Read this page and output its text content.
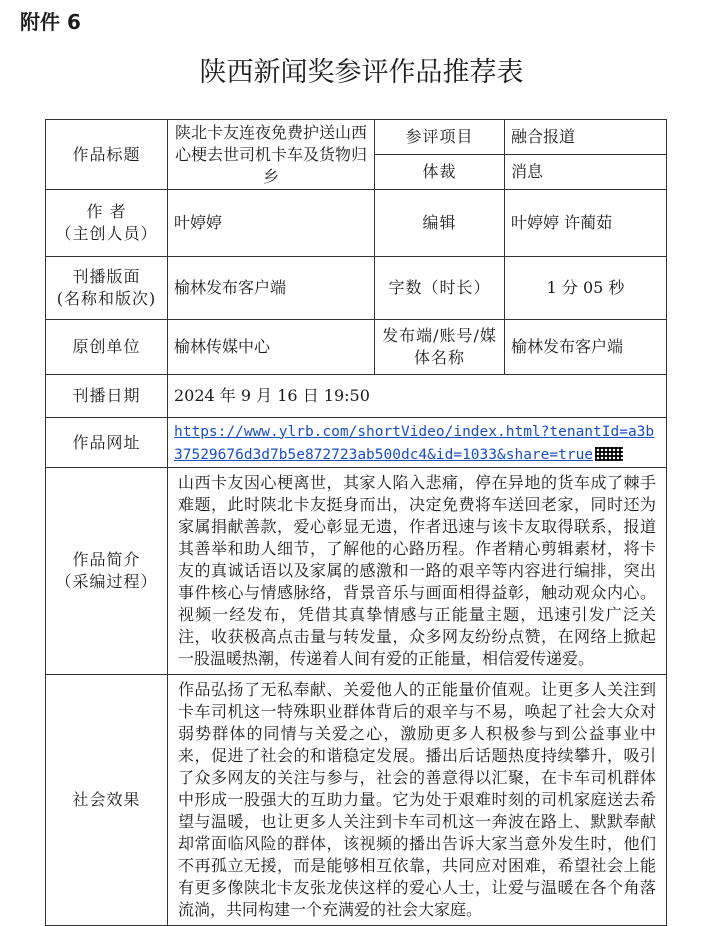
附件 6
陕西新闻奖参评作品推荐表
作品标题	陕北卡友连夜免费护送山西心梗去世司机卡车及货物归乡	参评项目	融合报道
		体裁	消息

作 者
（主创人员）	叶婷婷	编辑	叶婷婷 许蔺茹

刊播版面
(名称和版次)	榆林发布客户端	字数（时长）	1 分 05 秒
原创单位	榆林传媒中心	发布端/账号/媒体名称	榆林发布客户端
刊播日期	2024 年 9 月 16 日 19:50		
作品网址	https://www.ylrb.com/shortVideo/index.html?tenantId=a3b37529676d3d7b5e872723ab500dc4&id=1033&share=true		

作品简介
（采编过程）	山西卡友因心梗离世，其家人陷入悲痛，停在异地的货车成了棘手难题，此时陕北卡友挺身而出，决定免费将车送回老家，同时还为家属捐献善款，爱心彰显无遗，作者迅速与该卡友取得联系，报道其善举和助人细节，了解他的心路历程。作者精心剪辑素材，将卡友的真诚话语以及家属的感激和一路的艰辛等内容进行编排，突出事件核心与情感脉络，背景音乐与画面相得益彰，触动观众内心。视频一经发布，凭借其真挚情感与正能量主题，迅速引发广泛关注，收获极高点击量与转发量，众多网友纷纷点赞，在网络上掀起一股温暖热潮，传递着人间有爱的正能量，相信爱传递爱。		
社会效果	作品弘扬了无私奉献、关爱他人的正能量价值观。让更多人关注到卡车司机这一特殊职业群体背后的艰辛与不易，唤起了社会大众对弱势群体的同情与关爱之心，激励更多人积极参与到公益事业中来，促进了社会的和谐稳定发展。播出后话题热度持续攀升，吸引了众多网友的关注与参与，社会的善意得以汇聚，在卡车司机群体中形成一股强大的互助力量。它为处于艰难时刻的司机家庭送去希望与温暖，也让更多人关注到卡车司机这一奔波在路上、默默奉献却常面临风险的群体，该视频的播出告诉大家当意外发生时，他们不再孤立无援，而是能够相互依靠，共同应对困难，希望社会上能有更多像陕北卡友张龙侠这样的爱心人士，让爱与温暖在各个角落流淌，共同构建一个充满爱的社会大家庭。		
